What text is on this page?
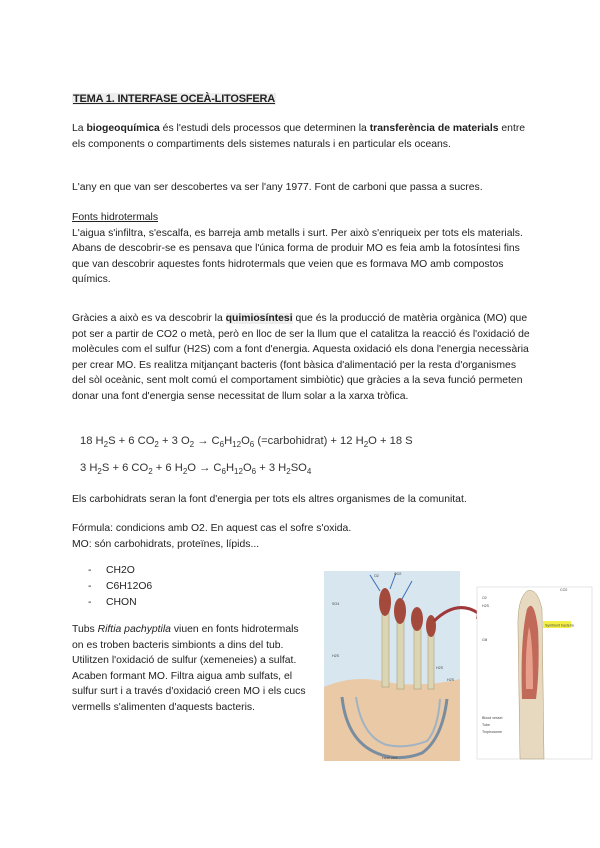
TEMA 1. INTERFASE OCEÀ-LITOSFERA

La biogeoquímica és l'estudi dels processos que determinen la transferència de materials entre els components o compartiments dels sistemes naturals i en particular els oceans.

L'any en que van ser descobertes va ser l'any 1977. Font de carboni que passa a sucres.

Fonts hidrotermals
L'aigua s'infiltra, s'escalfa, es barreja amb metalls i surt. Per això s'enriqueix per tots els materials.
Abans de descobrir-se es pensava que l'única forma de produir MO es feia amb la fotosíntesi fins que van descobrir aquestes fonts hidrotermals que veien que es formava MO amb compostos químics.

Gràcies a això es va descobrir la quimiosíntesi que és la producció de matèria orgànica (MO) que pot ser a partir de CO2 o metà, però en lloc de ser la llum que el catalitza la reacció és l'oxidació de molècules com el sulfur (H2S) com a font d'energia. Aquesta oxidació els dona l'energia necessària per crear MO. Es realitza mitjançant bacteris (font bàsica d'alimentació per la resta d'organismes del sòl oceànic, sent molt comú el comportament simbiòtic) que gràcies a la seva funció permeten donar una font d'energia sense necessitat de llum solar a la xarxa tròfica.

18 $H_2S + 6$ $CO_2 + 3$ $O_2 \to C_6H_{12}O_6$ (=carbohidrat) + 12 $H_2O + 18$ S
3 $H_2S + 6$ $CO_2 + 6$ $H_2O \to C_6H_{12}O_6 + 3$ $H_2SO_4$

Els carbohidrats seran la font d'energia per tots els altres organismes de la comunitat.

Fórmula: condicions amb O2. En aquest cas el sofre s'oxida.
MO: són carbohidrats, proteïnes, lípids...

- CH2O
- C6H12O6
- CHON

Tubs Riftia pachyptila viuen en fonts hidrotermals on es troben bacteris simbionts a dins del tub. Utilitzen l'oxidació de sulfur (xemeneies) a sulfat. Acaben formant MO. Filtra aigua amb sulfats, el sulfur surt i a través d'oxidació creen MO i els cucs vermells s'alimenten d'aquests bacteris.

Symbiont bacteria
SO4
O2	CO2
H2S
H2S
H2S
O2
H2S
CO2
Gill
Blood vessel
Tube
Trophosome
Heat vent
